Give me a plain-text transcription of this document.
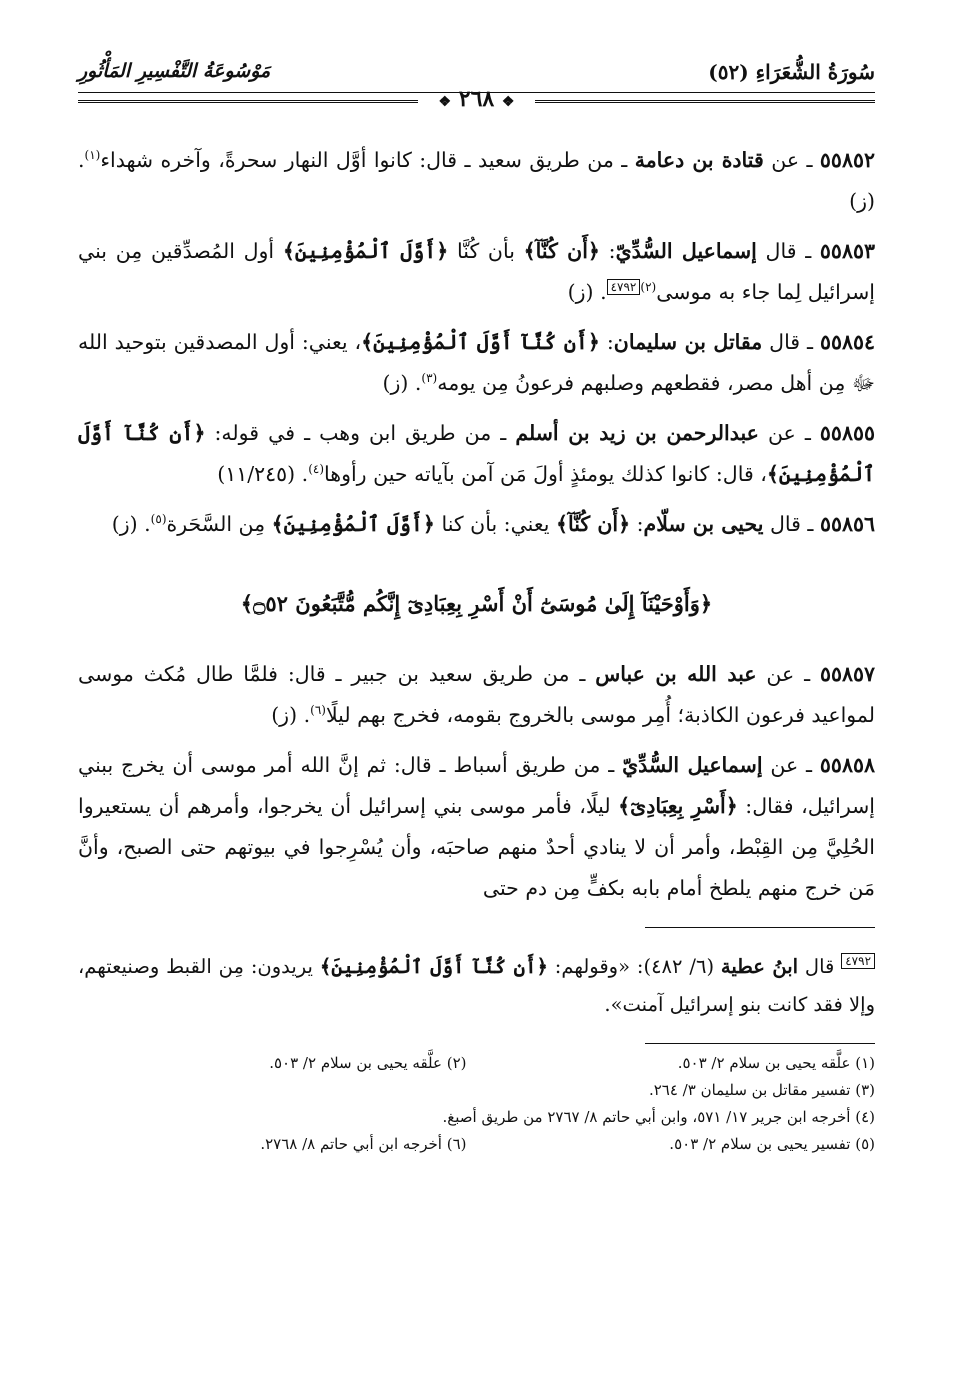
سُورَةُ الشُّعَرَاءِ (٥٢)
مَوْسُوعَةُ التَّفْسِيرِ المَأْثُورِ
❖ ٢٦٨ ❖

٥٥٨٥٢ ـ عن قتادة بن دعامة ـ من طريق سعيد ـ قال: كانوا أوَّل النهار سحرةً، وآخره شهداء$^{(١)}$. (ز)

٥٥٨٥٣ ـ قال إسماعيل السُّدِّيّ: ﴿أَن كُنَّآ﴾ بأن كُنَّا ﴿أَوَّلَ ٱلْمُؤْمِنِينَ﴾ أول المُصدِّقين مِن بني إسرائيل لِما جاء به موسى$^{(٢)}$٤٧٩٢. (ز)

٥٥٨٥٤ ـ قال مقاتل بن سليمان: ﴿أَن كُنَّآ أَوَّلَ ٱلْمُؤْمِنِينَ﴾، يعني: أول المصدقين بتوحيد الله ﷻ مِن أهل مصر، فقطعهم وصلبهم فرعونُ مِن يومه$^{(٣)}$. (ز)

٥٥٨٥٥ ـ عن عبدالرحمن بن زيد بن أسلم ـ من طريق ابن وهب ـ في قوله: ﴿أَن كُنَّآ أَوَّلَ ٱلْمُؤْمِنِينَ﴾، قال: كانوا كذلك يومئذٍ أولَ مَن آمن بآياته حين رأوها$^{(٤)}$. (١١/٢٤٥)

٥٥٨٥٦ ـ قال يحيى بن سلّام: ﴿أَن كُنَّآ﴾ يعني: بأن كنا ﴿أَوَّلَ ٱلْمُؤْمِنِينَ﴾ مِن السَّحَرة$^{(٥)}$. (ز)

﴿وَأَوْحَيْنَآ إِلَىٰ مُوسَىٰٓ أَنْ أَسْرِ بِعِبَادِىٓ إِنَّكُم مُّتَّبَعُونَ ۝٥٢﴾

٥٥٨٥٧ ـ عن عبد الله بن عباس ـ من طريق سعيد بن جبير ـ قال: فلمَّا طال مُكث موسى لمواعيد فرعون الكاذبة؛ أُمِر موسى بالخروج بقومه، فخرج بهم ليلًا$^{(٦)}$. (ز)

٥٥٨٥٨ ـ عن إسماعيل السُّدِّيّ ـ من طريق أسباط ـ قال: ثم إنَّ الله أمر موسى أن يخرج ببني إسرائيل، فقال: ﴿أَسْرِ بِعِبَادِىٓ﴾ ليلًا، فأمر موسى بني إسرائيل أن يخرجوا، وأمرهم أن يستعيروا الحُلِيَّ مِن القِبْط، وأمر أن لا ينادي أحدٌ منهم صاحبَه، وأن يُسْرِجوا في بيوتهم حتى الصبح، وأنَّ مَن خرج منهم يلطخ أمام بابه بكفٍّ مِن دم حتى

٤٧٩٢ قال ابنُ عطية (٦/ ٤٨٢): «وقولهم: ﴿أَن كُنَّآ أَوَّلَ ٱلْمُؤْمِنِينَ﴾ يريدون: مِن القبط وصنيعتهم، وإلا فقد كانت بنو إسرائيل آمنت».

(١) علَّقه يحيى بن سلام ٢/ ٥٠٣.
(٢) علَّقه يحيى بن سلام ٢/ ٥٠٣.
(٣) تفسير مقاتل بن سليمان ٣/ ٢٦٤.
(٤) أخرجه ابن جرير ١٧/ ٥٧١، وابن أبي حاتم ٨/ ٢٧٦٧ من طريق أصبغ.
(٥) تفسير يحيى بن سلام ٢/ ٥٠٣.
(٦) أخرجه ابن أبي حاتم ٨/ ٢٧٦٨.
